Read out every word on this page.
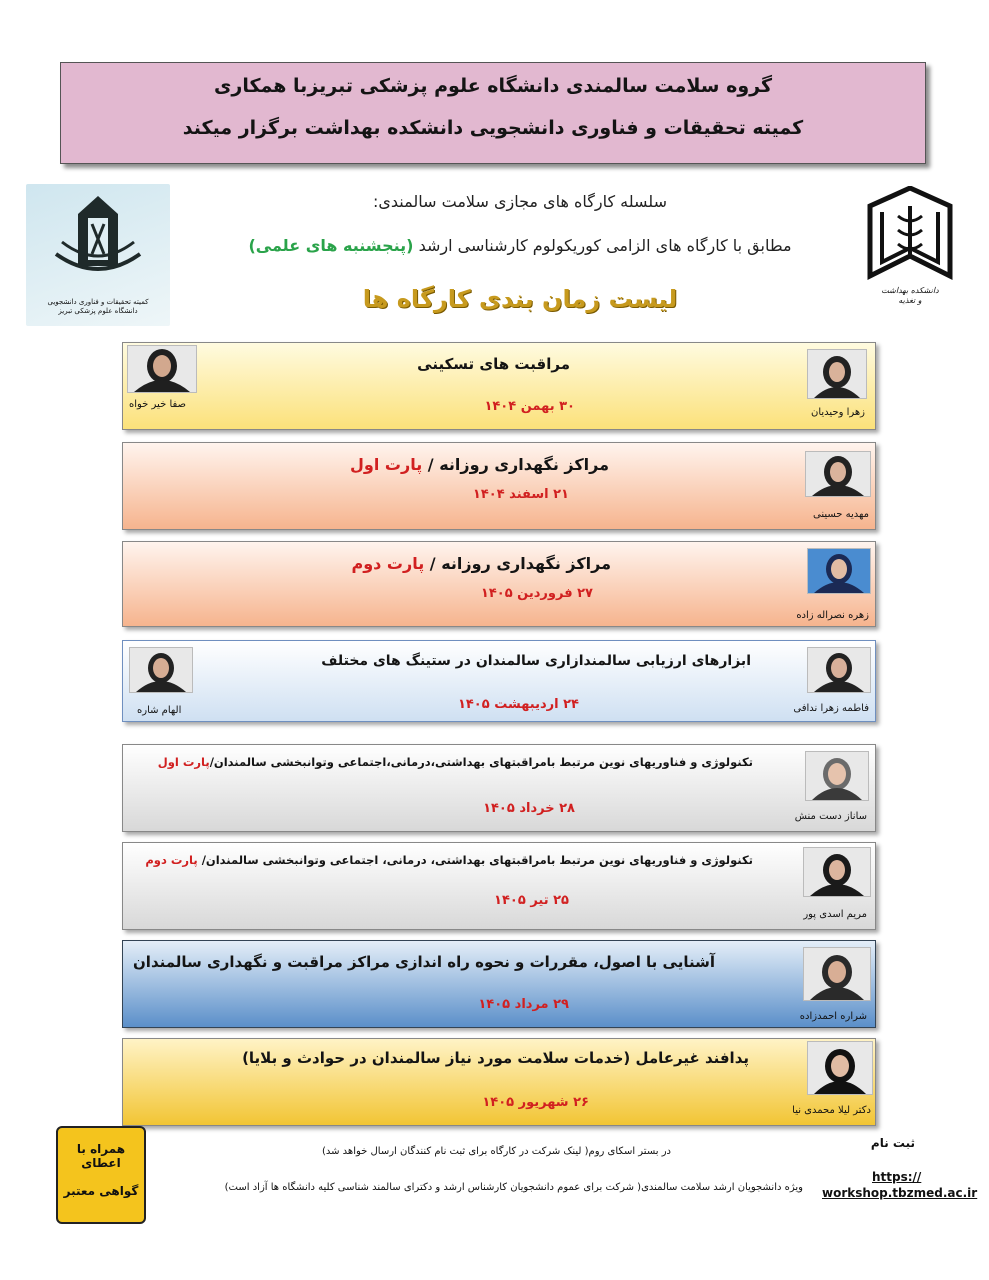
گروه سلامت سالمندی دانشگاه علوم پزشکی تبریزبا همکاری
کمیته تحقیقات و فناوری دانشجویی دانشکده بهداشت برگزار میکند
کمیته تحقیقات و فناوری دانشجویی
دانشگاه علوم پزشکی تبریز
دانشکده بهداشت
و تغذیه
سلسله کارگاه های مجازی سلامت سالمندی:
مطابق با کارگاه های الزامی کوریکولوم کارشناسی ارشد (پنجشنبه های علمی)
لیست زمان بندی کارگاه ها
مراقبت های تسکینی
۳۰ بهمن ۱۴۰۴	زهرا وحیدیان
صفا خیر خواه
مراکز نگهداری روزانه / پارت اول
۲۱ اسفند ۱۴۰۴
مهدیه حسینی
مراکز نگهداری روزانه / پارت دوم
۲۷ فروردین ۱۴۰۵
زهره نصراله زاده
ابزارهای ارزیابی سالمندازاری سالمندان در ستینگ های مختلف
۲۴ اردیبهشت ۱۴۰۵	فاطمه زهرا ندافی
الهام شاره
تکنولوژی و فناوریهای نوین مرتبط بامراقبتهای بهداشتی،درمانی،اجتماعی وتوانبخشی سالمندان/پارت اول
۲۸ خرداد ۱۴۰۵
ساناز دست منش
تکنولوژی و فناوریهای نوین مرتبط بامراقبتهای بهداشتی، درمانی، اجتماعی وتوانبخشی سالمندان/ پارت دوم
۲۵ تیر ۱۴۰۵
مریم اسدی پور
آشنایی با اصول، مقررات و نحوه راه اندازی مراکز مراقبت و نگهداری سالمندان
۲۹ مرداد ۱۴۰۵
شراره احمدزاده
پدافند غیرعامل (خدمات سلامت مورد نیاز سالمندان در حوادث و بلایا)
۲۶ شهریور ۱۴۰۵
دکتر لیلا محمدی نیا
ثبت نام
https://
workshop.tbzmed.ac.ir
در بستر اسکای روم( لینک شرکت در کارگاه برای ثبت نام کنندگان ارسال خواهد شد)
ویژه دانشجویان ارشد سلامت سالمندی( شرکت برای عموم دانشجویان کارشناس ارشد و دکترای سالمند شناسی کلیه دانشگاه ها آزاد است)
همراه با اعطای
گواهی معتبر
